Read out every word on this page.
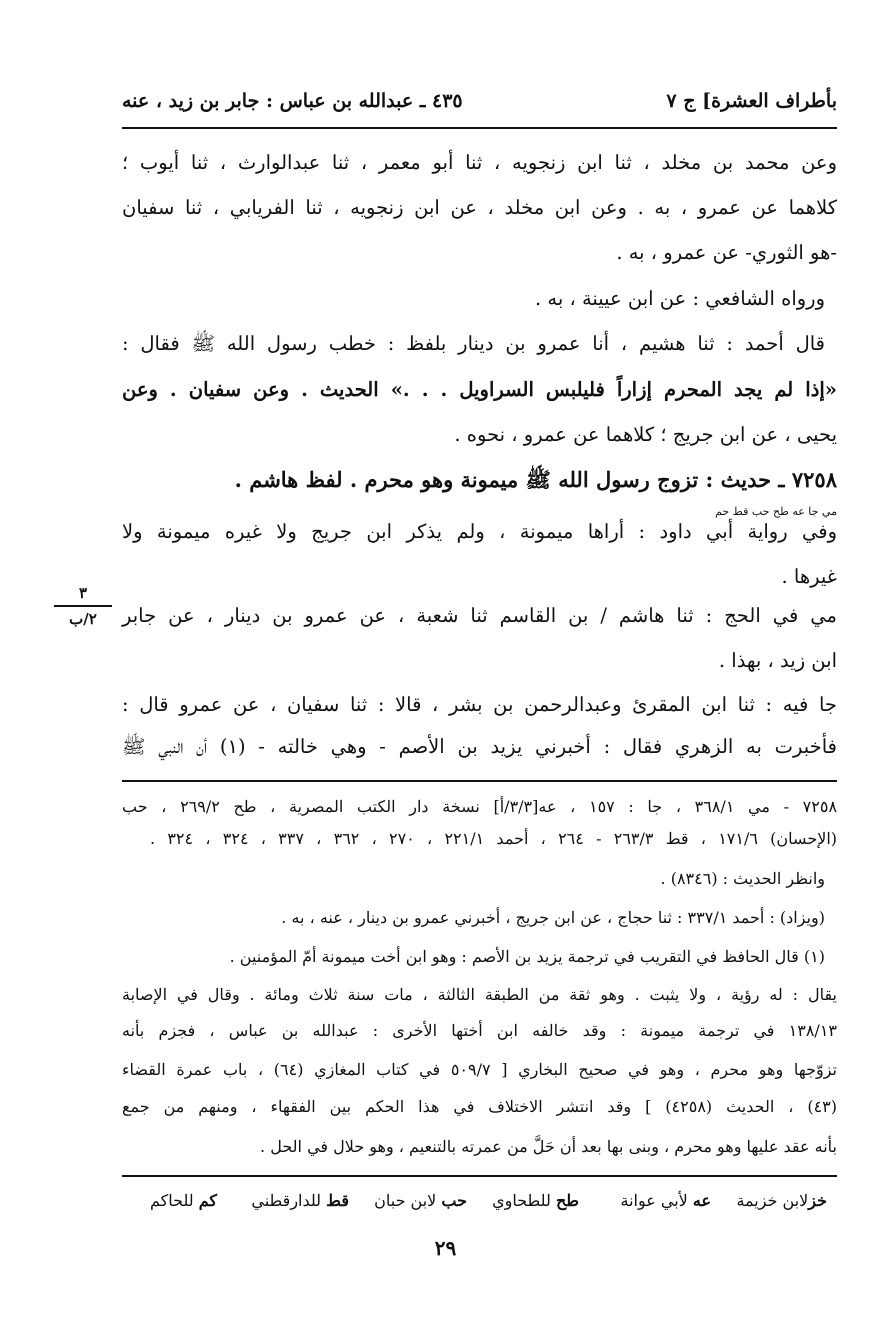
بأطراف العشرة] ج ٧
٤٣٥ ـ عبدالله بن عباس : جابر بن زيد ، عنه
وعن محمد بن مخلد ، ثنا ابن زنجويه ، ثنا أبو معمر ، ثنا عبدالوارث ، ثنا أيوب ؛
كلاهما عن عمرو ، به . وعن ابن مخلد ، عن ابن زنجويه ، ثنا الفريابي ، ثنا سفيان
-هو الثوري- عن عمرو ، به .
ورواه الشافعي : عن ابن عيينة ، به .
قال أحمد : ثنا هشيم ، أنا عمرو بن دينار بلفظ : خطب رسول الله ﷺ فقال :
«إذا لم يجد المحرم إزاراً فليلبس السراويل . . .» الحديث . وعن سفيان . وعن
يحيى ، عن ابن جريج ؛ كلاهما عن عمرو ، نحوه .
٧٢٥٨ ـ حديث : تزوج رسول الله ﷺ ميمونة وهو محرم . لفظ هاشم .
مي جا عه طح حب قط حم
وفي رواية أبي داود : أراها ميمونة ، ولم يذكر ابن جريج ولا غيره ميمونة ولا
غيرها .
مي في الحج : ثنا هاشم / بن القاسم ثنا شعبة ، عن عمرو بن دينار ، عن جابر
ابن زيد ، بهذا .
جا فيه : ثنا ابن المقرئ وعبدالرحمن بن بشر ، قالا : ثنا سفيان ، عن عمرو قال :
فأخبرت به الزهري فقال : أخبرني يزيد بن الأصم - وهي خالته - (١) أن النبي ﷺ
٣
٢/ب
٧٢٥٨ - مي ٣٦٨/١ ، جا : ١٥٧ ، عه[٣/٣/أ] نسخة دار الكتب المصرية ، طح ٢٦٩/٢ ، حب
(الإحسان) ١٧١/٦ ، قط ٢٦٣/٣ - ٢٦٤ ، أحمد ٢٢١/١ ، ٢٧٠ ، ٣٦٢ ، ٣٣٧ ، ٣٢٤ ، ٣٢٤ .
وانظر الحديث : (٨٣٤٦) .
(ويزاد) : أحمد ٣٣٧/١ : ثنا حجاج ، عن ابن جريج ، أخبرني عمرو بن دينار ، عنه ، به .
(١) قال الحافظ في التقريب في ترجمة يزيد بن الأصم : وهو ابن أخت ميمونة أمّ المؤمنين .
يقال : له رؤية ، ولا يثبت . وهو ثقة من الطبقة الثالثة ، مات سنة ثلاث ومائة . وقال في الإصابة
١٣٨/١٣ في ترجمة ميمونة : وقد خالفه ابن أختها الأخرى : عبدالله بن عباس ، فجزم بأنه
تزوّجها وهو محرم ، وهو في صحيح البخاري [ ٥٠٩/٧ في كتاب المغازي (٦٤) ، باب عمرة القضاء
(٤٣) ، الحديث (٤٢٥٨) ] وقد انتشر الاختلاف في هذا الحكم بين الفقهاء ، ومنهم من جمع
بأنه عقد عليها وهو محرم ، وبنى بها بعد أن حَلَّ من عمرته بالتنعيم ، وهو حلال في الحل .
خزلابن خزيمة
عه لأبي عوانة
طح للطحاوي
حب لابن حبان
قط للدارقطني
كم للحاكم
٢٩
